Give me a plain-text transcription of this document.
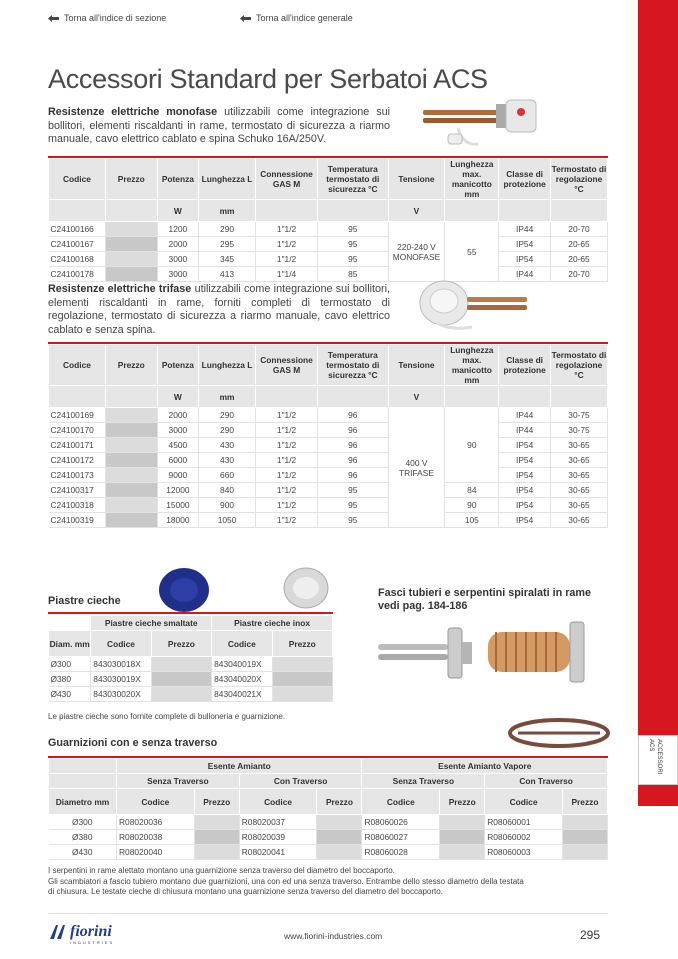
Torna all'indice di sezione	Torna all'indice generale
ACCESSORI ACS
Accessori Standard per Serbatoi ACS

Resistenze elettriche monofase utilizzabili come integrazione sui bollitori, elementi riscaldanti in rame, termostato di sicurezza a riarmo manuale, cavo elettrico cablato e spina Schuko 16A/250V.

Codice	Prezzo	Potenza	Lunghezza L	Connessione GAS M	Temperatura termostato di sicurezza °C	Tensione	Lunghezza max. manicotto mm	Classe di protezione	Termostato di regolazione °C
		W	mm			V			
C24100166		1200	290	1"1/2	95	220-240 V MONOFASE	55	IP44	20-70
C24100167		2000	295	1"1/2	95			IP54	20-65
C24100168		3000	345	1"1/2	95			IP54	20-65
C24100178		3000	413	1"1/4	85			IP44	20-70

Resistenze elettriche trifase utilizzabili come integrazione sui bollitori, elementi riscaldanti in rame, forniti completi di termostato di regolazione, termostato di sicurezza a riarmo manuale, cavo elettrico cablato e senza spina.

Codice	Prezzo	Potenza	Lunghezza L	Connessione GAS M	Temperatura termostato di sicurezza °C	Tensione	Lunghezza max. manicotto mm	Classe di protezione	Termostato di regolazione °C
		W	mm			V			
C24100169		2000	290	1"1/2	96	400 V TRIFASE	90	IP44	30-75
C24100170		3000	290	1"1/2	96			IP44	30-75
C24100171		4500	430	1"1/2	96			IP54	30-65
C24100172		6000	430	1"1/2	96			IP54	30-65
C24100173		9000	660	1"1/2	96			IP54	30-65
C24100317		12000	840	1"1/2	95		84	IP54	30-65
C24100318		15000	900	1"1/2	95		90	IP54	30-65
C24100319		18000	1050	1"1/2	95		105	IP54	30-65
Piastre cieche
	Piastre cieche smaltate		Piastre cieche inox	
Diam. mm	Codice	Prezzo	Codice	Prezzo
Ø300	843030018X		843040019X	
Ø380	843030019X		843040020X	
Ø430	843030020X		843040021X	
Le piastre cieche sono fornite complete di bulloneria e guarnizione.
Fasci tubieri e serpentini spiralati in rame vedi pag. 184-186
Guarnizioni con e senza traverso
	Esente Amianto				Esente Amianto Vapore			
	Senza Traverso		Con Traverso		Senza Traverso		Con Traverso	
Diametro mm	Codice	Prezzo	Codice	Prezzo	Codice	Prezzo	Codice	Prezzo
Ø300	R08020036		R08020037		R08060026		R08060001	
Ø380	R08020038		R08020039		R08060027		R08060002	
Ø430	R08020040		R08020041		R08060028		R08060003	
I serpentini in rame alettato montano una guarnizione senza traverso del diametro del boccaporto.
Gli scambiatori a fascio tubiero montano due guarnizioni, una con ed una senza traverso. Entrambe dello stesso diametro della testata
di chiusura. Le testate cieche di chiusura montano una guarnizione senza traverso del diametro del boccaporto.
fiorini
INDUSTRIES
www.fiorini-industries.com	295
